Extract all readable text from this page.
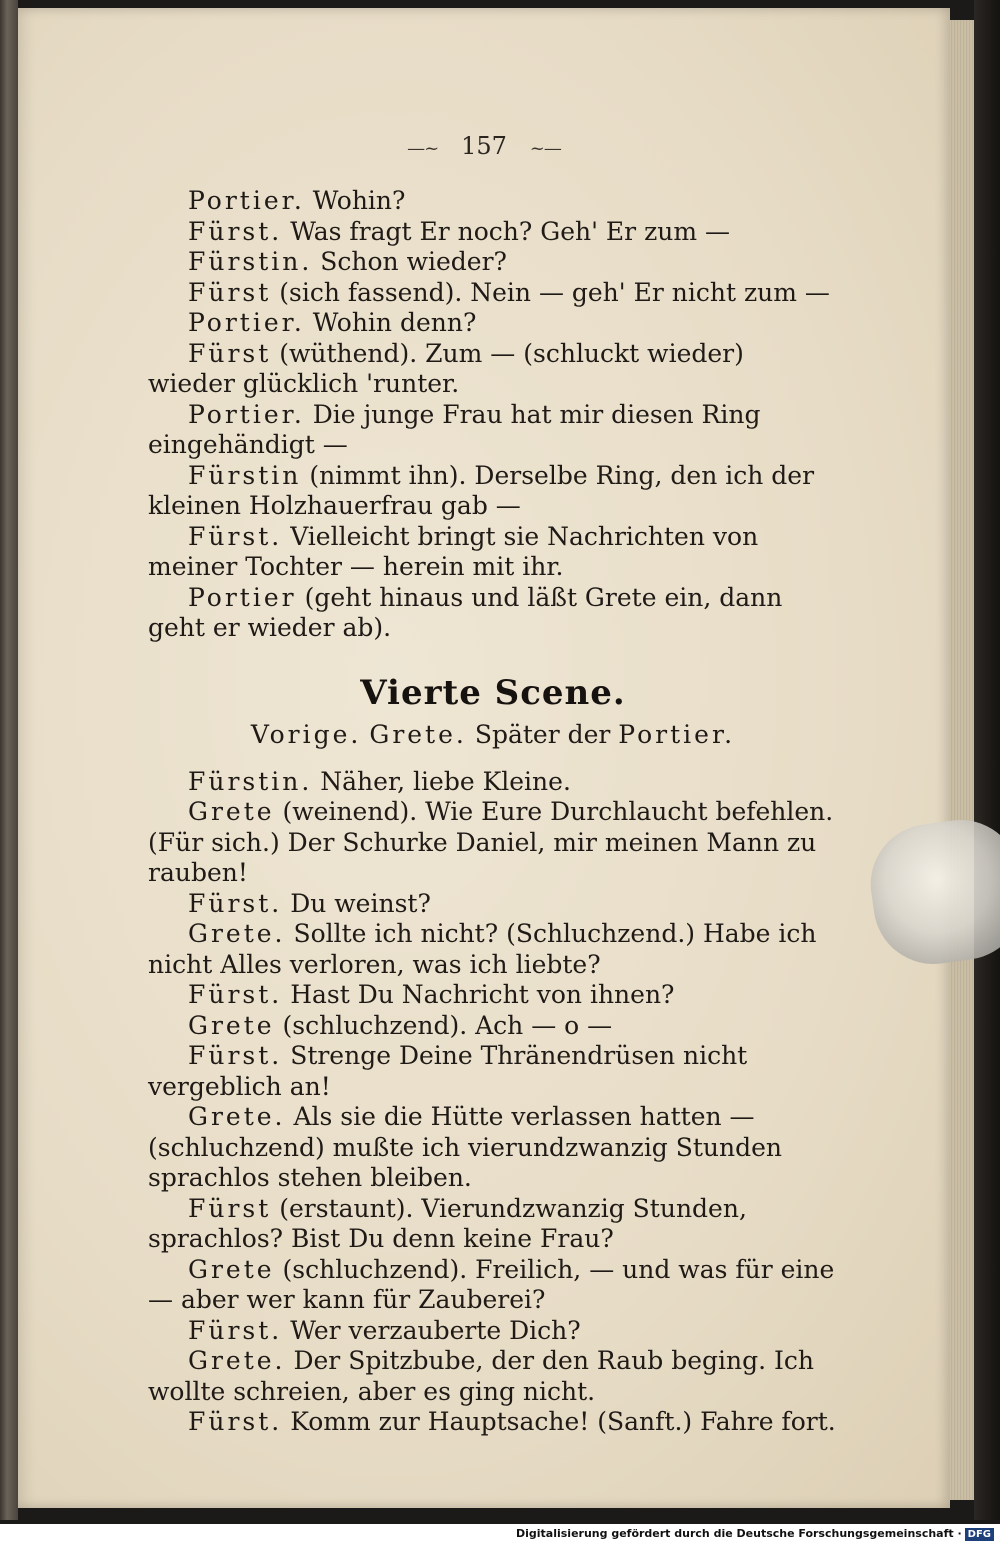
—~ 157 ~—

Portier. Wohin?

Fürst. Was fragt Er noch? Geh' Er zum —

Fürstin. Schon wieder?

Fürst (sich fassend). Nein — geh' Er nicht zum —

Portier. Wohin denn?

Fürst (wüthend). Zum — (schluckt wieder) wieder glücklich 'runter.

Portier. Die junge Frau hat mir diesen Ring eingehändigt —

Fürstin (nimmt ihn). Derselbe Ring, den ich der kleinen Holzhauerfrau gab —

Fürst. Vielleicht bringt sie Nachrichten von meiner Tochter — herein mit ihr.

Portier (geht hinaus und läßt Grete ein, dann geht er wieder ab).

Vierte Scene.
Vorige. Grete. Später der Portier.

Fürstin. Näher, liebe Kleine.

Grete (weinend). Wie Eure Durchlaucht befehlen. (Für sich.) Der Schurke Daniel, mir meinen Mann zu rauben!

Fürst. Du weinst?

Grete. Sollte ich nicht? (Schluchzend.) Habe ich nicht Alles verloren, was ich liebte?

Fürst. Hast Du Nachricht von ihnen?

Grete (schluchzend). Ach — o —

Fürst. Strenge Deine Thränendrüsen nicht vergeblich an!

Grete. Als sie die Hütte verlassen hatten — (schluchzend) mußte ich vierundzwanzig Stunden sprachlos stehen bleiben.

Fürst (erstaunt). Vierundzwanzig Stunden, sprachlos? Bist Du denn keine Frau?

Grete (schluchzend). Freilich, — und was für eine — aber wer kann für Zauberei?

Fürst. Wer verzauberte Dich?

Grete. Der Spitzbube, der den Raub beging. Ich wollte schreien, aber es ging nicht.

Fürst. Komm zur Hauptsache! (Sanft.) Fahre fort.

Digitalisierung gefördert durch die Deutsche Forschungsgemeinschaft · DFG
